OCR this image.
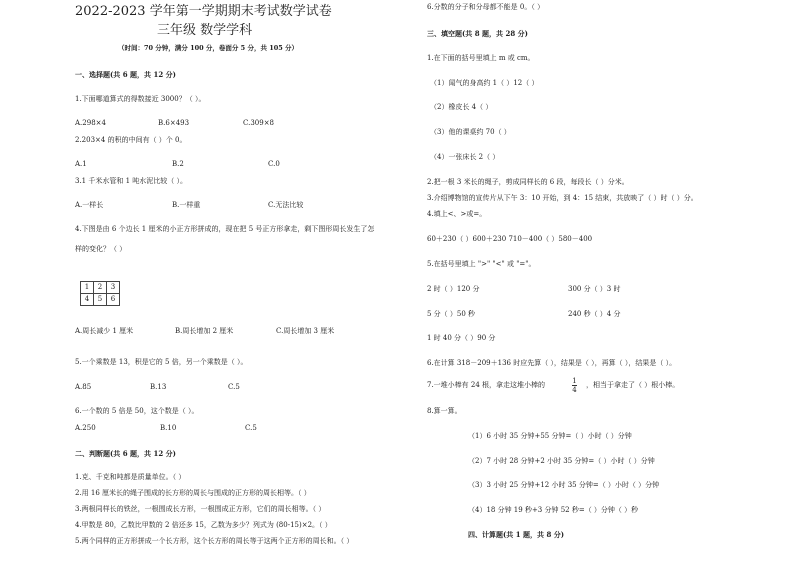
2022-2023 学年第一学期期末考试数学试卷
三年级 数学学科
（时间：70 分钟，满分 100 分，卷面分 5 分，共 105 分）
一、选择题(共 6 题，共 12 分)
1.下面哪道算式的得数接近 3000？（ ）。
A.298×4	B.6×493	C.309×8
2.203×4 的积的中间有（ ）个 0。
A.1	B.2	C.0
3.1 千米水管和 1 吨水泥比较（ ）。
A.一样长	B.一样重	C.无法比较
4.下图是由 6 个边长 1 厘米的小正方形拼成的，现在把 5 号正方形拿走，剩下图形周长发生了怎
样的变化？（ ）
1	2	3
4	5	6
A.周长减少 1 厘米	B.周长增加 2 厘米	C.周长增加 3 厘米
5.一个乘数是 13，积是它的 5 倍，另一个乘数是（ ）。
A.85	B.13	C.5
6.一个数的 5 倍是 50，这个数是（ ）。
A.250	B.10	C.5
二、判断题(共 6 题，共 12 分)
1.克、千克和吨都是质量单位。（ ）
2.用 16 厘米长的绳子围成的长方形的周长与围成的正方形的周长相等。（ ）
3.两根同样长的铁丝，一根围成长方形，一根围成正方形，它们的周长相等。（ ）
4.甲数是 80，乙数比甲数的 2 倍还多 15，乙数为多少？列式为 (80-15)×2。（ ）
5.两个同样的正方形拼成一个长方形，这个长方形的周长等于这两个正方形的周长和。（ ）
6.分数的分子和分母都不能是 0。（ ）
三、填空题(共 8 题，共 28 分)
1.在下面的括号里填上 m 或 cm。
（1）闻气的身高约 1（ ）12（ ）
（2）橡皮长 4（ ）
（3）他的课桌约 70（ ）
（4）一张床长 2（ ）
2.把一根 3 米长的绳子，剪成同样长的 6 段，每段长（ ）分米。
3.介绍博物馆的宣传片从下午 3：10 开始，到 4：15 结束，共放映了（ ）时（ ）分。
4.填上<、>或=。
60＋230（ ）600＋230 710－400（ ）580－400
5.在括号里填上 ">" "<" 或 "="。
2 时（ ）120 分	300 分（ ）3 时
5 分（ ）50 秒	240 秒（ ）4 分
1 时 40 分（ ）90 分
6.在计算 318－209＋136 时应先算（ ），结果是（ ），再算（ ），结果是（ ）。
7.一堆小棒有 24 根，拿走这堆小棒的	1
4
，相当于拿走了（ ）根小棒。
8.算一算。
（1）6 小时 35 分钟+55 分钟=（ ）小时（ ）分钟
（2）7 小时 28 分钟+2 小时 35 分钟=（ ）小时（ ）分钟
（3）3 小时 25 分钟+12 小时 35 分钟=（ ）小时（ ）分钟
（4）18 分钟 19 秒+3 分钟 52 秒=（ ）分钟（ ）秒
四、计算题(共 1 题，共 8 分)
